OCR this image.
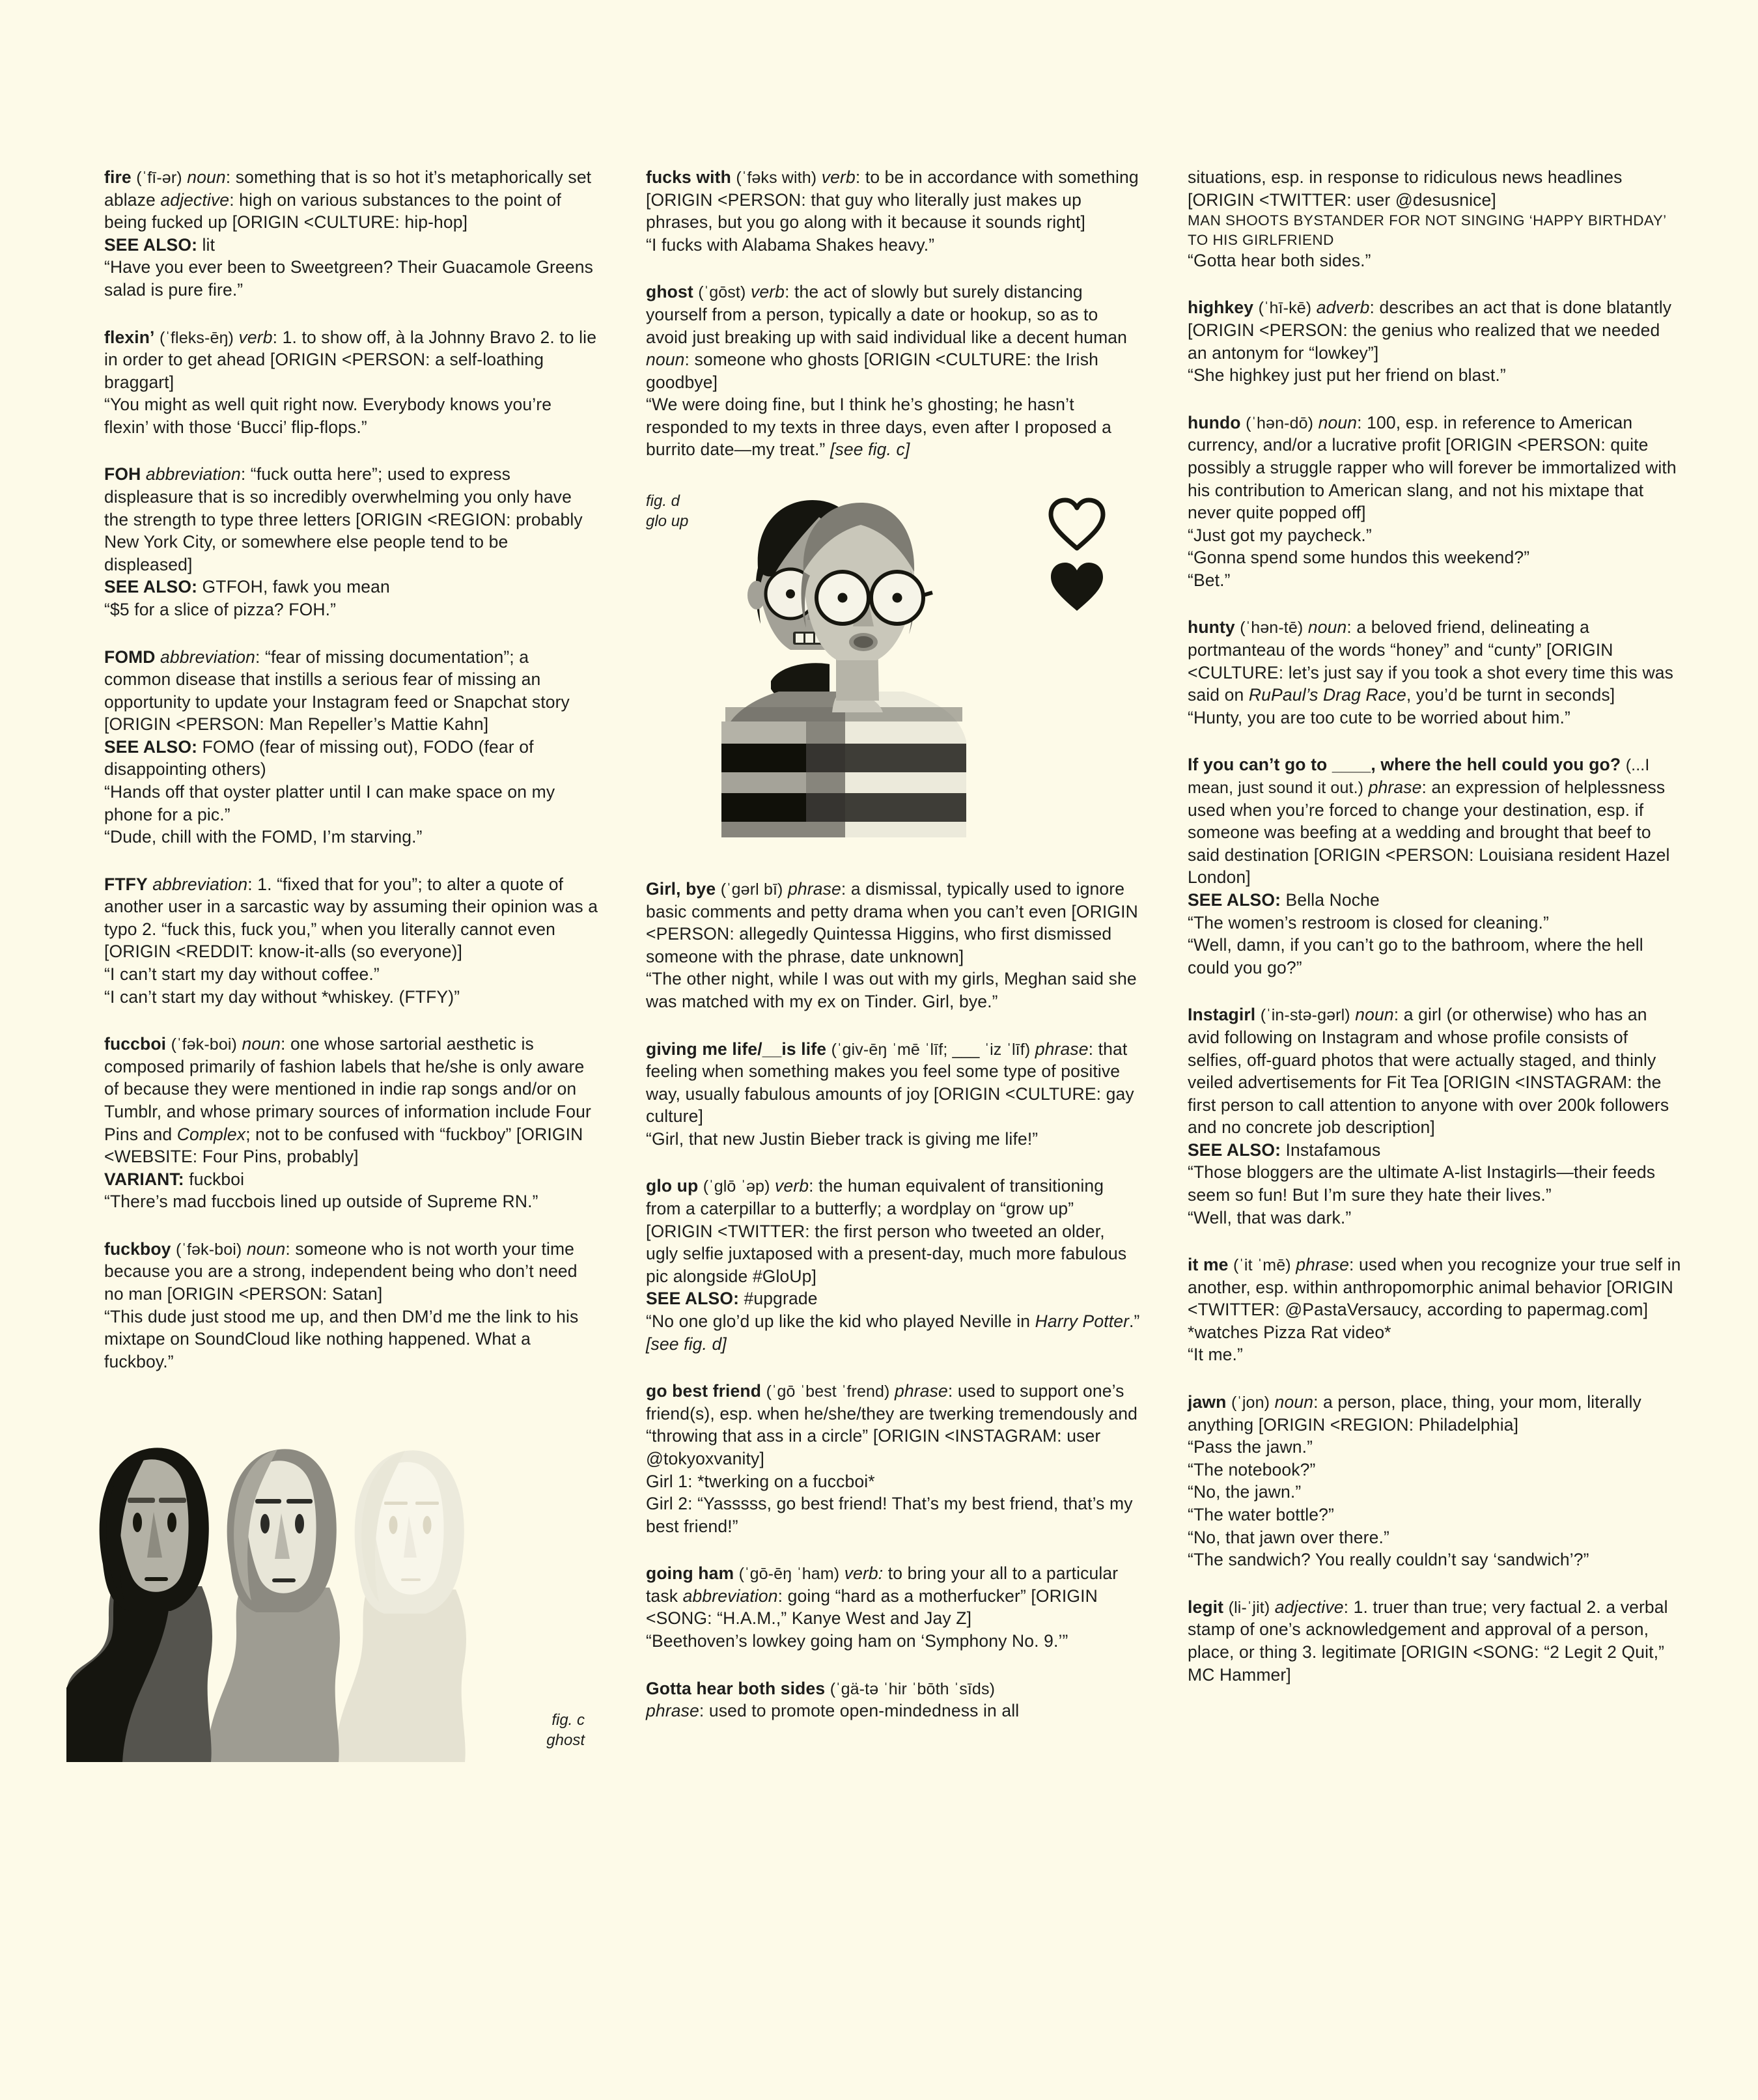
fire (ˈfī-ər) noun: something that is so hot it’s metaphorically set ablaze adjective: high on various substances to the point of being fucked up [ORIGIN <CULTURE: hip-hop]
SEE ALSO: lit
“Have you ever been to Sweetgreen? Their Guacamole Greens salad is pure fire.”

flexin’ (ˈfleks-ēŋ) verb: 1. to show off, à la Johnny Bravo 2. to lie in order to get ahead [ORIGIN <PERSON: a self-loathing braggart]
“You might as well quit right now. Everybody knows you’re flexin’ with those ‘Bucci’ flip-flops.”

FOH abbreviation: “fuck outta here”; used to express displeasure that is so incredibly overwhelming you only have the strength to type three letters [ORIGIN <REGION: probably New York City, or somewhere else people tend to be displeased]
SEE ALSO: GTFOH, fawk you mean
“$5 for a slice of pizza? FOH.”

FOMD abbreviation: “fear of missing documentation”; a common disease that instills a serious fear of missing an opportunity to update your Instagram feed or Snapchat story [ORIGIN <PERSON: Man Repeller’s Mattie Kahn]
SEE ALSO: FOMO (fear of missing out), FODO (fear of disappointing others)
“Hands off that oyster platter until I can make space on my phone for a pic.”
“Dude, chill with the FOMD, I’m starving.”

FTFY abbreviation: 1. “fixed that for you”; to alter a quote of another user in a sarcastic way by assuming their opinion was a typo 2. “fuck this, fuck you,” when you literally cannot even [ORIGIN <REDDIT: know-it-alls (so everyone)]
“I can’t start my day without coffee.”
“I can’t start my day without *whiskey. (FTFY)”

fuccboi (ˈfək-boi) noun: one whose sartorial aesthetic is composed primarily of fashion labels that he/she is only aware of because they were mentioned in indie rap songs and/or on Tumblr, and whose primary sources of information include Four Pins and Complex; not to be confused with “fuckboy” [ORIGIN <WEBSITE: Four Pins, probably]
VARIANT: fuckboi
“There’s mad fuccbois lined up outside of Supreme RN.”

fuckboy (ˈfək-boi) noun: someone who is not worth your time because you are a strong, independent being who don’t need no man [ORIGIN <PERSON: Satan]
“This dude just stood me up, and then DM’d me the link to his mixtape on SoundCloud like nothing happened. What a fuckboy.”

fig. c
ghost

fucks with (ˈfəks with) verb: to be in accordance with something [ORIGIN <PERSON: that guy who literally just makes up phrases, but you go along with it because it sounds right]
“I fucks with Alabama Shakes heavy.”

ghost (ˈgōst) verb: the act of slowly but surely distancing yourself from a person, typically a date or hookup, so as to avoid just breaking up with said individual like a decent human noun: someone who ghosts [ORIGIN <CULTURE: the Irish goodbye]
“We were doing fine, but I think he’s ghosting; he hasn’t responded to my texts in three days, even after I proposed a burrito date—my treat.” [see fig. c]

fig. d
glo up

Girl, bye (ˈgərl bī) phrase: a dismissal, typically used to ignore basic comments and petty drama when you can’t even [ORIGIN <PERSON: allegedly Quintessa Higgins, who first dismissed someone with the phrase, date unknown]
“The other night, while I was out with my girls, Meghan said she was matched with my ex on Tinder. Girl, bye.”

giving me life/__is life (ˈgiv-ēŋ ˈmē ˈlīf; ___ ˈiz ˈlīf) phrase: that feeling when something makes you feel some type of positive way, usually fabulous amounts of joy [ORIGIN <CULTURE: gay culture]
“Girl, that new Justin Bieber track is giving me life!”

glo up (ˈglō ˈəp) verb: the human equivalent of transitioning from a caterpillar to a butterfly; a wordplay on “grow up” [ORIGIN <TWITTER: the first person who tweeted an older, ugly selfie juxtaposed with a present-day, much more fabulous pic alongside #GloUp]
SEE ALSO: #upgrade
“No one glo’d up like the kid who played Neville in Harry Potter.” [see fig. d]

go best friend (ˈgō ˈbest ˈfrend) phrase: used to support one’s friend(s), esp. when he/she/they are twerking tremendously and “throwing that ass in a circle” [ORIGIN <INSTAGRAM: user @tokyoxvanity]
Girl 1: *twerking on a fuccboi*
Girl 2: “Yasssss, go best friend! That’s my best friend, that’s my best friend!”

going ham (ˈgō-ēŋ ˈham) verb: to bring your all to a particular task abbreviation: going “hard as a motherfucker” [ORIGIN <SONG: “H.A.M.,” Kanye West and Jay Z]
“Beethoven’s lowkey going ham on ‘Symphony No. 9.’”

Gotta hear both sides (ˈgä-tə ˈhir ˈbōth ˈsīds)
phrase: used to promote open-mindedness in all

situations, esp. in response to ridiculous news headlines [ORIGIN <TWITTER: user @desusnice]
MAN SHOOTS BYSTANDER FOR NOT SINGING ‘HAPPY BIRTHDAY’ TO HIS GIRLFRIEND
“Gotta hear both sides.”

highkey (ˈhī-kē) adverb: describes an act that is done blatantly [ORIGIN <PERSON: the genius who realized that we needed an antonym for “lowkey”]
“She highkey just put her friend on blast.”

hundo (ˈhən-dō) noun: 100, esp. in reference to American currency, and/or a lucrative profit [ORIGIN <PERSON: quite possibly a struggle rapper who will forever be immortalized with his contribution to American slang, and not his mixtape that never quite popped off]
“Just got my paycheck.”
“Gonna spend some hundos this weekend?”
“Bet.”

hunty (ˈhən-tē) noun: a beloved friend, delineating a portmanteau of the words “honey” and “cunty” [ORIGIN <CULTURE: let’s just say if you took a shot every time this was said on RuPaul’s Drag Race, you’d be turnt in seconds]
“Hunty, you are too cute to be worried about him.”

If you can’t go to ____, where the hell could you go? (...I mean, just sound it out.) phrase: an expression of helplessness used when you’re forced to change your destination, esp. if someone was beefing at a wedding and brought that beef to said destination [ORIGIN <PERSON: Louisiana resident Hazel London]
SEE ALSO: Bella Noche
“The women’s restroom is closed for cleaning.”
“Well, damn, if you can’t go to the bathroom, where the hell could you go?”

Instagirl (ˈin-stə-gərl) noun: a girl (or otherwise) who has an avid following on Instagram and whose profile consists of selfies, off-guard photos that were actually staged, and thinly veiled advertisements for Fit Tea [ORIGIN <INSTAGRAM: the first person to call attention to anyone with over 200k followers and no concrete job description]
SEE ALSO: Instafamous
“Those bloggers are the ultimate A-list Instagirls—their feeds seem so fun! But I’m sure they hate their lives.”
“Well, that was dark.”

it me (ˈit ˈmē) phrase: used when you recognize your true self in another, esp. within anthropomorphic animal behavior [ORIGIN <TWITTER: @PastaVersaucy, according to papermag.com]
*watches Pizza Rat video*
“It me.”

jawn (ˈjon) noun: a person, place, thing, your mom, literally anything [ORIGIN <REGION: Philadelphia]
“Pass the jawn.”
“The notebook?”
“No, the jawn.”
“The water bottle?”
“No, that jawn over there.”
“The sandwich? You really couldn’t say ‘sandwich’?”

legit (li-ˈjit) adjective: 1. truer than true; very factual 2. a verbal stamp of one’s acknowledgement and approval of a person, place, or thing 3. legitimate [ORIGIN <SONG: “2 Legit 2 Quit,” MC Hammer]
